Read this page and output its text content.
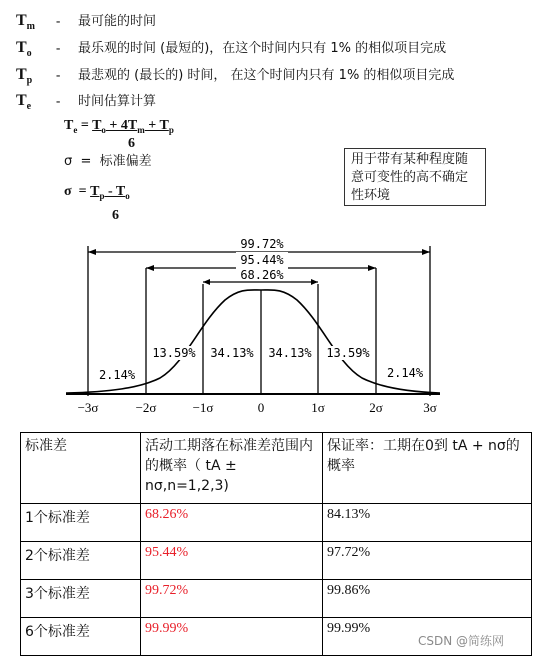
$T_m$	-	最可能的时间
$T_o$	-	最乐观的时间 (最短的)，在这个时间内只有 1% 的相似项目完成
$T_p$	-	最悲观的 (最长的) 时间， 在这个时间内只有 1% 的相似项目完成
$T_e$	-	时间估算计算
$T_e = T_o + 4T_m + T_p$
6
σ  =  标准偏差
$\sigma = T_p - T_o$
6
用于带有某种程度随
意可变性的高不确定
性环境
99.72%
95.44%
68.26%
2.14%
13.59% 34.13% 34.13% 13.59%
2.14%
−3σ	−2σ	−1σ	0	1σ	2σ	3σ
标准差	活动工期落在标准差范围内的概率（ tA ± nσ,n=1,2,3)	保证率：工期在0到 tA + nσ的概率
1个标准差	68.26%	84.13%
2个标准差	95.44%	97.72%
3个标准差	99.72%	99.86%
6个标准差	99.99%	99.99%
CSDN @简练网
